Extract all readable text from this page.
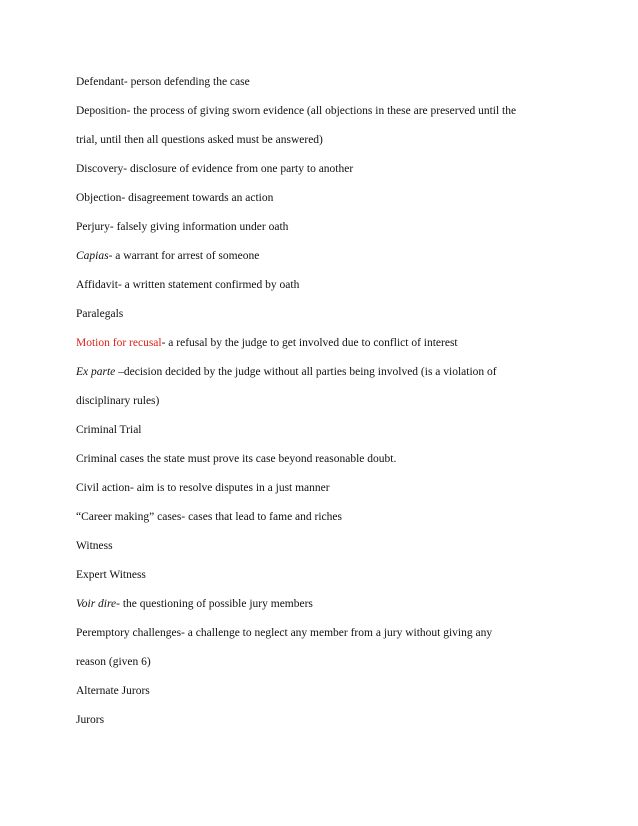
Defendant- person defending the case
Deposition- the process of giving sworn evidence (all objections in these are preserved until the
trial, until then all questions asked must be answered)
Discovery- disclosure of evidence from one party to another
Objection- disagreement towards an action
Perjury- falsely giving information under oath
Capias- a warrant for arrest of someone
Affidavit- a written statement confirmed by oath
Paralegals
Motion for recusal- a refusal by the judge to get involved due to conflict of interest
Ex parte –decision decided by the judge without all parties being involved (is a violation of
disciplinary rules)
Criminal Trial
Criminal cases the state must prove its case beyond reasonable doubt.
Civil action- aim is to resolve disputes in a just manner
“Career making” cases- cases that lead to fame and riches
Witness
Expert Witness
Voir dire- the questioning of possible jury members
Peremptory challenges- a challenge to neglect any member from a jury without giving any
reason (given 6)
Alternate Jurors
Jurors
